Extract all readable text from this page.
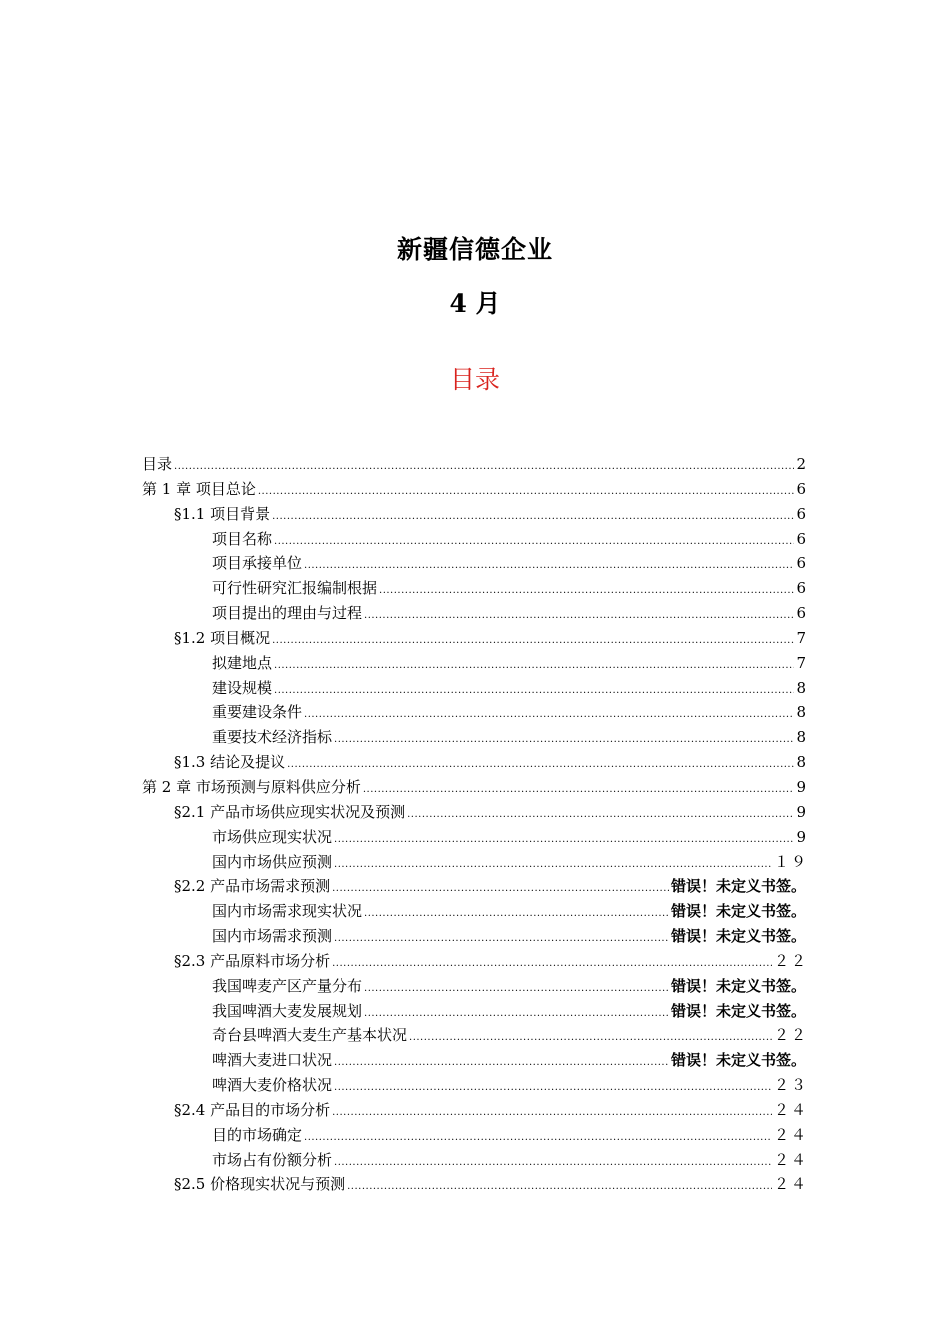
新疆信德企业
4 月
目录
目录 .....	2
第 1 章 项目总论 .....	6
§1.1 项目背景 .....	6
项目名称 .....	6
项目承接单位 .....	6
可行性研究汇报编制根据 .....	6
项目提出的理由与过程 .....	6
§1.2 项目概况 .....	7
拟建地点 .....	7
建设规模 .....	8
重要建设条件 .....	8
重要技术经济指标 .....	8
§1.3 结论及提议 .....	8
第 2 章 市场预测与原料供应分析 .....	9
§2.1 产品市场供应现实状况及预测 .....	9
市场供应现实状况 .....	9
国内市场供应预测 .....	１９
§2.2 产品市场需求预测 .....	错误！未定义书签。
国内市场需求现实状况 .....	错误！未定义书签。
国内市场需求预测 .....	错误！未定义书签。
§2.3 产品原料市场分析 .....	２２
我国啤麦产区产量分布 .....	错误！未定义书签。
我国啤酒大麦发展规划 .....	错误！未定义书签。
奇台县啤酒大麦生产基本状况 .....	２２
啤酒大麦进口状况 .....	错误！未定义书签。
啤酒大麦价格状况 .....	２３
§2.4 产品目的市场分析 .....	２４
目的市场确定 .....	２４
市场占有份额分析 .....	２４
§2.5 价格现实状况与预测 .....	２４
